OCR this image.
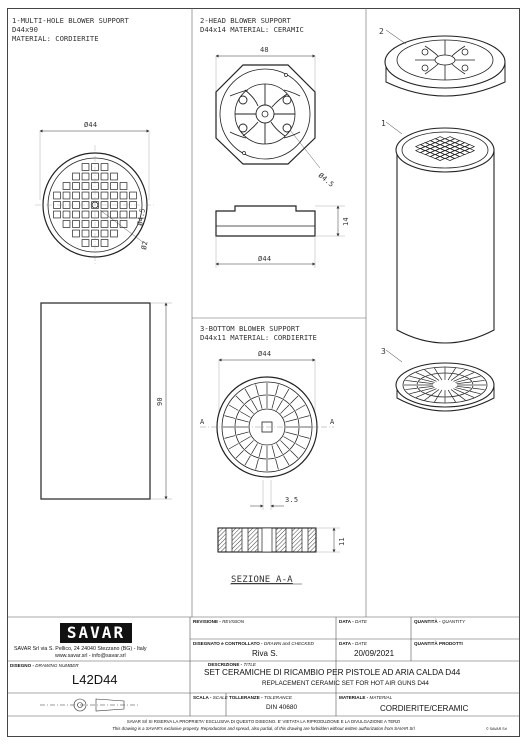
1-MULTI-HOLE BLOWER SUPPORT
D44x90
MATERIAL: CORDIERITE
2-HEAD BLOWER SUPPORT
D44x14 MATERIAL: CERAMIC
3-BOTTOM BLOWER SUPPORT
D44x11 MATERIAL: CORDIERITE
Ø44
Ø4.5
Ø2
90
48
Ø4.5
14
Ø44
Ø44
A	A
3.5
11
SEZIONE A-A
2
1
3
SAVAR
SAVAR Srl via S. Pellico, 24 24040 Stezzano (BG) - Italy
www.savar.srl - info@savar.srl
REVISIONE - REVISION	DATA - DATE	QUANTITÀ - QUANTITY
DISEGNATO e CONTROLLATO - DRAWN and CHECKED
Riva S.
DATA - DATE
20/09/2021
QUANTITÀ PRODOTTI
DISEGNO - DRAWING NUMBER
L42D44
DESCRIZIONE - TITLE
SET CERAMICHE DI RICAMBIO PER PISTOLE AD ARIA CALDA D44
REPLACEMENT CERAMIC SET FOR HOT AIR GUNS D44
SCALA - SCALE TOLLERANZE - TOLERANCE
DIN 40680
MATERIALE - MATERIAL
CORDIERITE/CERAMIC
SAVAR Srl SI RISERVA LA PROPRIETA' ESCLUSIVA DI QUESTO DISEGNO. E' VIETATA LA RIPRODUZIONE E LA DIVULGAZIONE A TERZI
This drawing is a SAVAR's exclusive property. Reproduction and spread, also partial, of this drawing are forbidden without written authorization from SAVAR Srl	© SAVAR Srl
